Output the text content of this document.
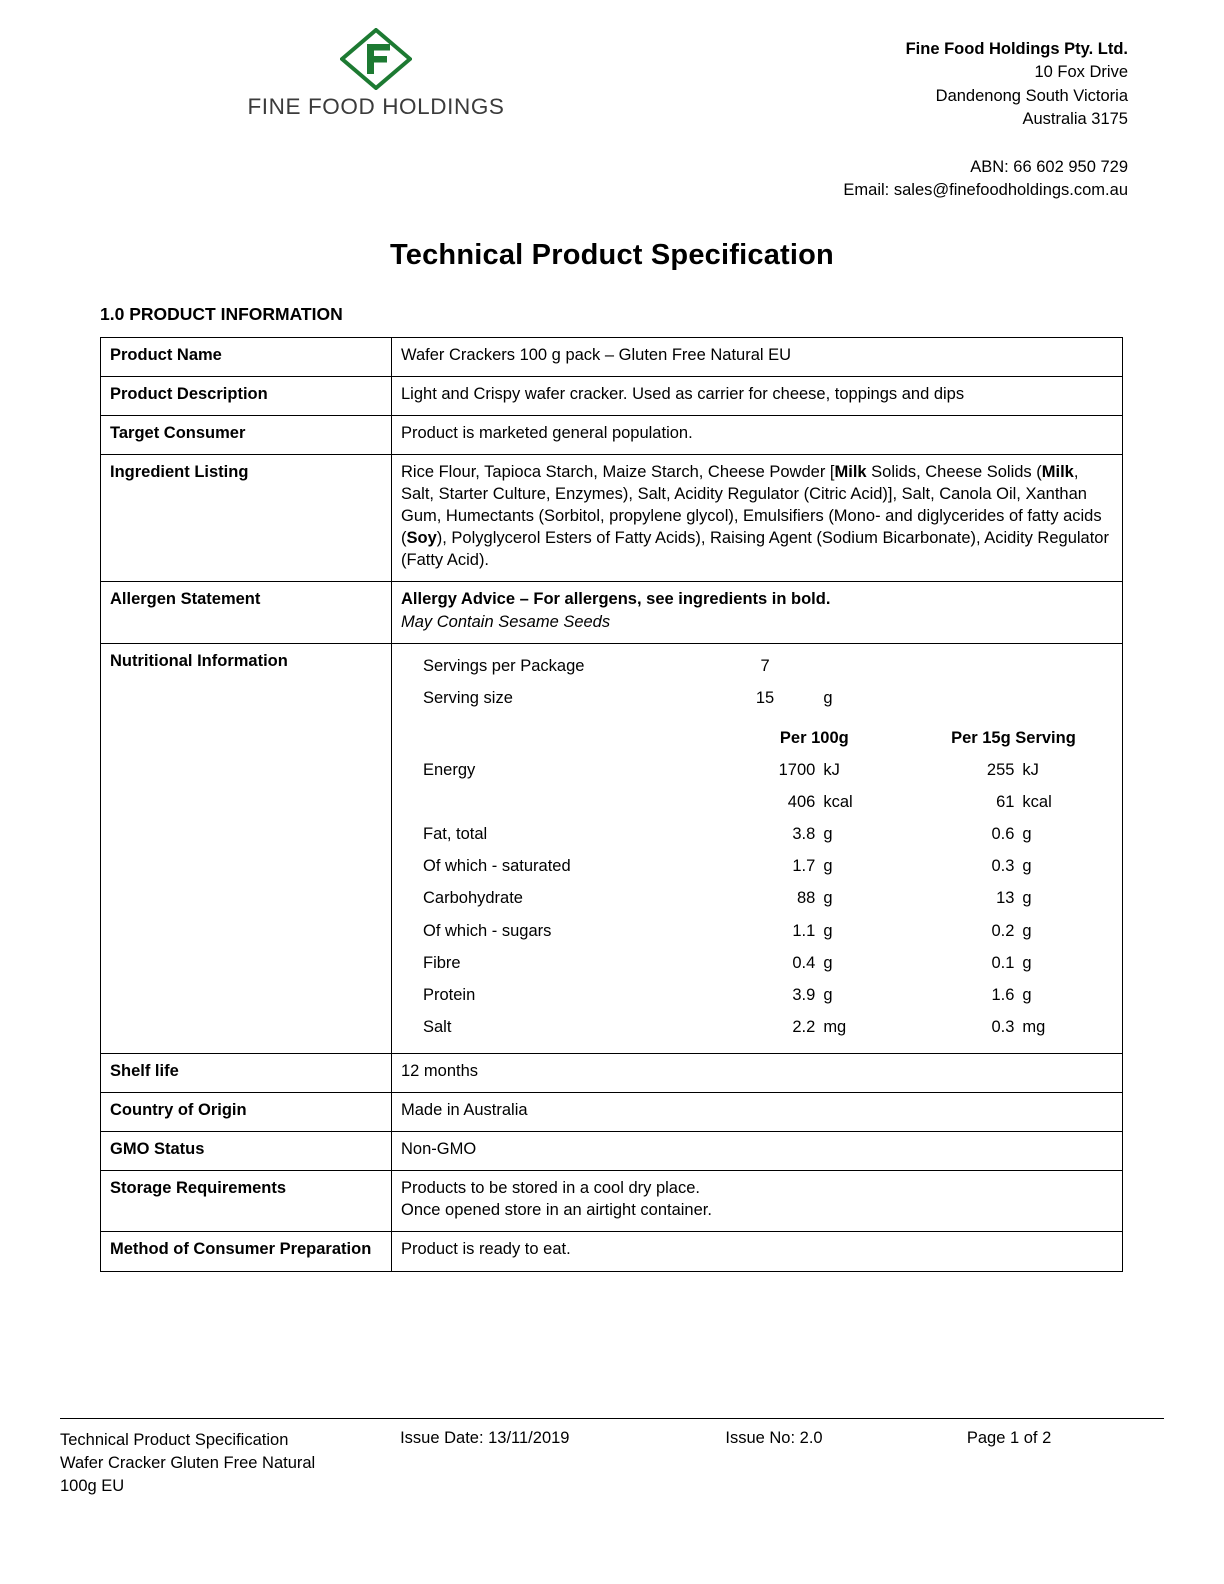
FINE FOOD HOLDINGS
Fine Food Holdings Pty. Ltd.
10 Fox Drive
Dandenong South Victoria
Australia 3175
ABN: 66 602 950 729
Email: sales@finefoodholdings.com.au
Technical Product Specification
1.0 PRODUCT INFORMATION
Product Name	Wafer Crackers 100 g pack – Gluten Free Natural EU
Product Description	Light and Crispy wafer cracker. Used as carrier for cheese, toppings and dips
Target Consumer	Product is marketed general population.
Ingredient Listing	Rice Flour, Tapioca Starch, Maize Starch, Cheese Powder [Milk Solids, Cheese Solids (Milk, Salt, Starter Culture, Enzymes), Salt, Acidity Regulator (Citric Acid)], Salt, Canola Oil, Xanthan Gum, Humectants (Sorbitol, propylene glycol), Emulsifiers (Mono- and diglycerides of fatty acids (Soy), Polyglycerol Esters of Fatty Acids), Raising Agent (Sodium Bicarbonate), Acidity Regulator (Fatty Acid).
Allergen Statement	Allergy Advice – For allergens, see ingredients in bold.
May Contain Sesame Seeds

Nutritional Information		Servings per Package	7			
Serving size	15	g		

	Per 100g	Per 15g Serving
Energy	1700	kJ	255	kJ
	406	kcal	61	kcal
Fat, total	3.8	g	0.6	g
Of which - saturated	1.7	g	0.3	g
Carbohydrate	88	g	13	g
Of which - sugars	1.1	g	0.2	g
Fibre	0.4	g	0.1	g
Protein	3.9	g	1.6	g
Salt	2.2	mg	0.3	mg

Shelf life	12 months
Country of Origin	Made in Australia
GMO Status	Non-GMO
Storage Requirements	Products to be stored in a cool dry place.
Once opened store in an airtight container.

Method of Consumer Preparation	Product is ready to eat.
Technical Product Specification
Wafer Cracker Gluten Free Natural
100g EU
Issue Date: 13/11/2019	Issue No: 2.0	Page 1 of 2
